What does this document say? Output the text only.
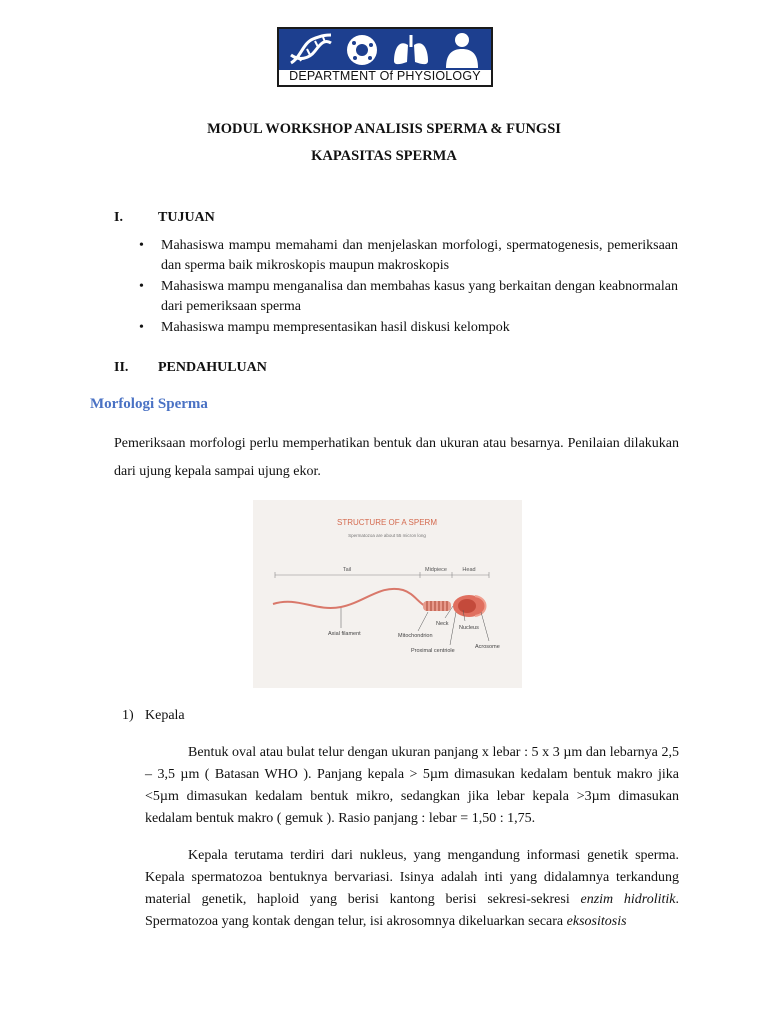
DEPARTMENT Of PHYSIOLOGY
MODUL WORKSHOP ANALISIS SPERMA & FUNGSI
KAPASITAS SPERMA
I.	TUJUAN
• Mahasiswa mampu memahami dan menjelaskan morfologi, spermatogenesis, pemeriksaan dan sperma baik mikroskopis maupun makroskopis
• Mahasiswa mampu menganalisa dan membahas kasus yang berkaitan dengan keabnormalan dari pemeriksaan sperma
• Mahasiswa mampu mempresentasikan hasil diskusi kelompok
II. PENDAHULUAN
Morfologi Sperma
Pemeriksaan morfologi perlu memperhatikan bentuk dan ukuran atau besarnya. Penilaian dilakukan dari ujung kepala sampai ujung ekor.
STRUCTURE OF A SPERM
Spermatozoa are about 55 micron long
Tail	Midpiece	Head
Axial filament	Mitochondrion
Neck
Nucleus
Proximal centriole
Acrosome
1) Kepala
Bentuk oval atau bulat telur dengan ukuran panjang x lebar : 5 x 3 µm dan lebarnya 2,5 – 3,5 µm ( Batasan WHO ). Panjang kepala > 5µm dimasukan kedalam bentuk makro jika <5µm dimasukan kedalam bentuk mikro, sedangkan jika lebar kepala >3µm dimasukan kedalam bentuk makro ( gemuk ). Rasio panjang : lebar = 1,50 : 1,75.
Kepala terutama terdiri dari nukleus, yang mengandung informasi genetik sperma. Kepala spermatozoa bentuknya bervariasi. Isinya adalah inti yang didalamnya terkandung material genetik, haploid yang berisi kantong berisi sekresi-sekresi enzim hidrolitik. Spermatozoa yang kontak dengan telur, isi akrosomnya dikeluarkan secara eksositosis
